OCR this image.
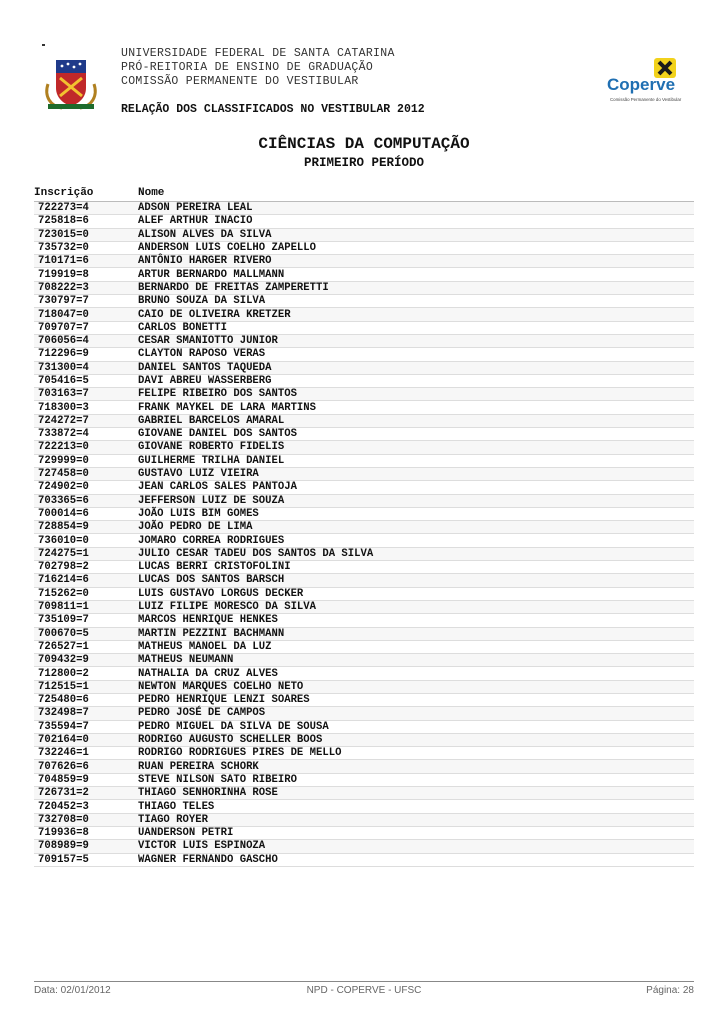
UNIVERSIDADE FEDERAL DE SANTA CATARINA
PRÓ-REITORIA DE ENSINO DE GRADUAÇÃO
COMISSÃO PERMANENTE DO VESTIBULAR
RELAÇÃO DOS CLASSIFICADOS NO VESTIBULAR 2012
Coperve
Comissão Permanente do Vestibular
CIÊNCIAS DA COMPUTAÇÃO
PRIMEIRO PERÍODO
Inscrição	Nome
722273=4	ADSON PEREIRA LEAL
725818=6	ALEF ARTHUR INACIO
723015=0	ALISON ALVES DA SILVA
735732=0	ANDERSON LUIS COELHO ZAPELLO
710171=6	ANTÔNIO HARGER RIVERO
719919=8	ARTUR BERNARDO MALLMANN
708222=3	BERNARDO DE FREITAS ZAMPERETTI
730797=7	BRUNO SOUZA DA SILVA
718047=0	CAIO DE OLIVEIRA KRETZER
709707=7	CARLOS BONETTI
706056=4	CESAR SMANIOTTO JUNIOR
712296=9	CLAYTON RAPOSO VERAS
731300=4	DANIEL SANTOS TAQUEDA
705416=5	DAVI ABREU WASSERBERG
703163=7	FELIPE RIBEIRO DOS SANTOS
718300=3	FRANK MAYKEL DE LARA MARTINS
724272=7	GABRIEL BARCELOS AMARAL
733872=4	GIOVANE DANIEL DOS SANTOS
722213=0	GIOVANE ROBERTO FIDELIS
729999=0	GUILHERME TRILHA DANIEL
727458=0	GUSTAVO LUIZ VIEIRA
724902=0	JEAN CARLOS SALES PANTOJA
703365=6	JEFFERSON LUIZ DE SOUZA
700014=6	JOÃO LUIS BIM GOMES
728854=9	JOÃO PEDRO DE LIMA
736010=0	JOMARO CORREA RODRIGUES
724275=1	JULIO CESAR TADEU DOS SANTOS DA SILVA
702798=2	LUCAS BERRI CRISTOFOLINI
716214=6	LUCAS DOS SANTOS BARSCH
715262=0	LUIS GUSTAVO LORGUS DECKER
709811=1	LUIZ FILIPE MORESCO DA SILVA
735109=7	MARCOS HENRIQUE HENKES
700670=5	MARTIN PEZZINI BACHMANN
726527=1	MATHEUS MANOEL DA LUZ
709432=9	MATHEUS NEUMANN
712800=2	NATHALIA DA CRUZ ALVES
712515=1	NEWTON MARQUES COELHO NETO
725480=6	PEDRO HENRIQUE LENZI SOARES
732498=7	PEDRO JOSÉ DE CAMPOS
735594=7	PEDRO MIGUEL DA SILVA DE SOUSA
702164=0	RODRIGO AUGUSTO SCHELLER BOOS
732246=1	RODRIGO RODRIGUES PIRES DE MELLO
707626=6	RUAN PEREIRA SCHORK
704859=9	STEVE NILSON SATO RIBEIRO
726731=2	THIAGO SENHORINHA ROSE
720452=3	THIAGO TELES
732708=0	TIAGO ROYER
719936=8	UANDERSON PETRI
708989=9	VICTOR LUIS ESPINOZA
709157=5	WAGNER FERNANDO GASCHO
Data: 02/01/2012	NPD - COPERVE - UFSC	Página: 28
